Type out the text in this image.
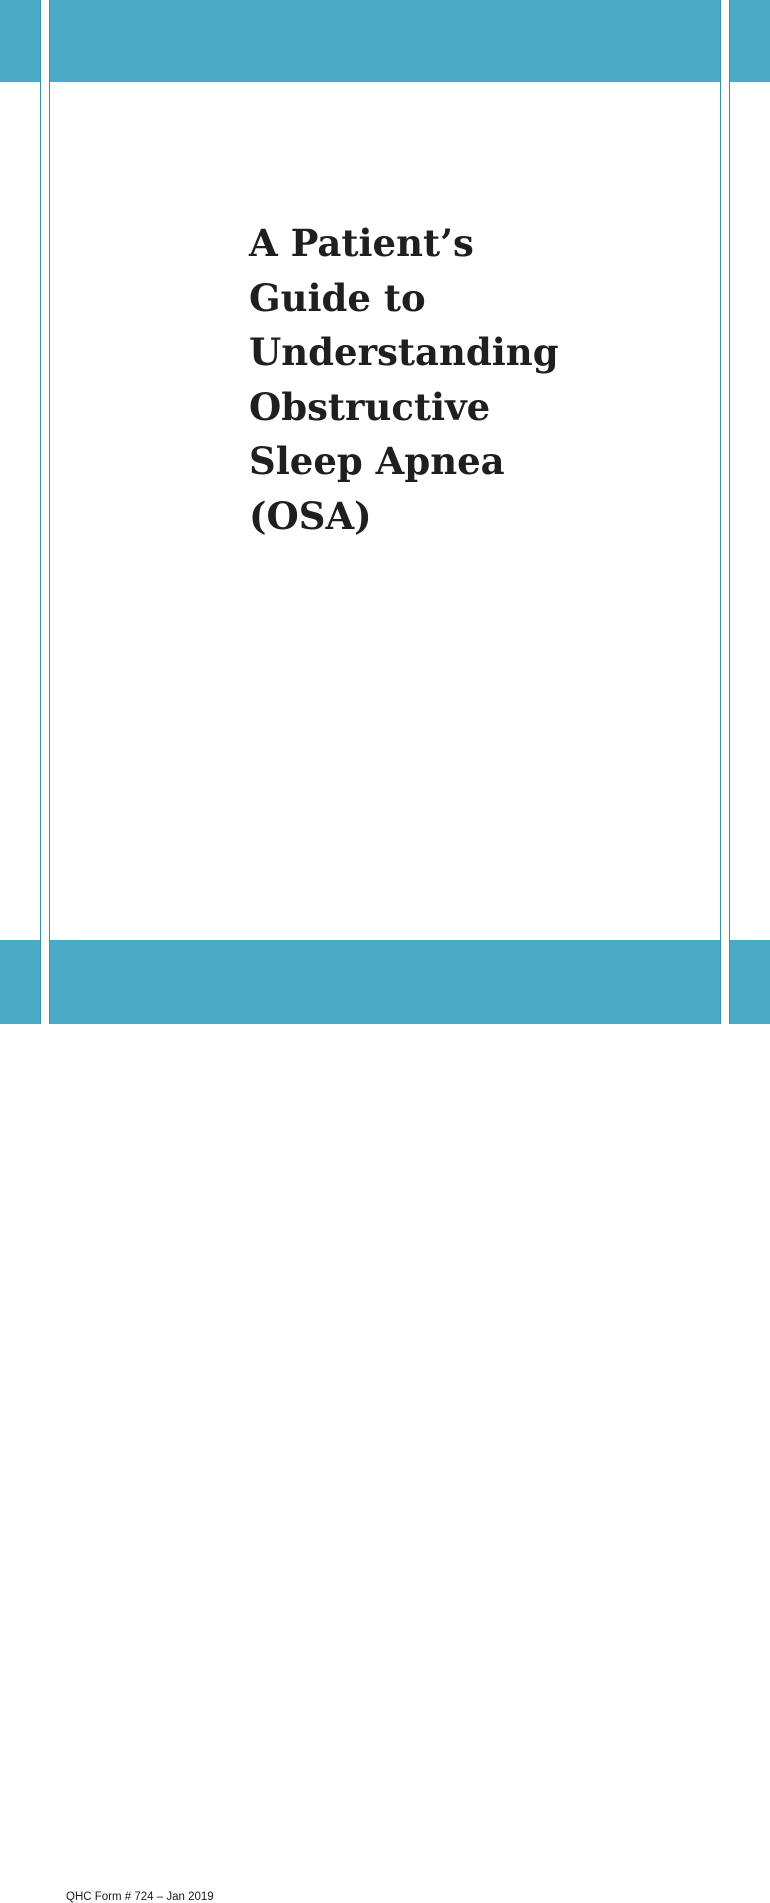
A Patient’s
Guide to
Understanding
Obstructive
Sleep Apnea
(OSA)
QHC Form # 724 – Jan 2019
